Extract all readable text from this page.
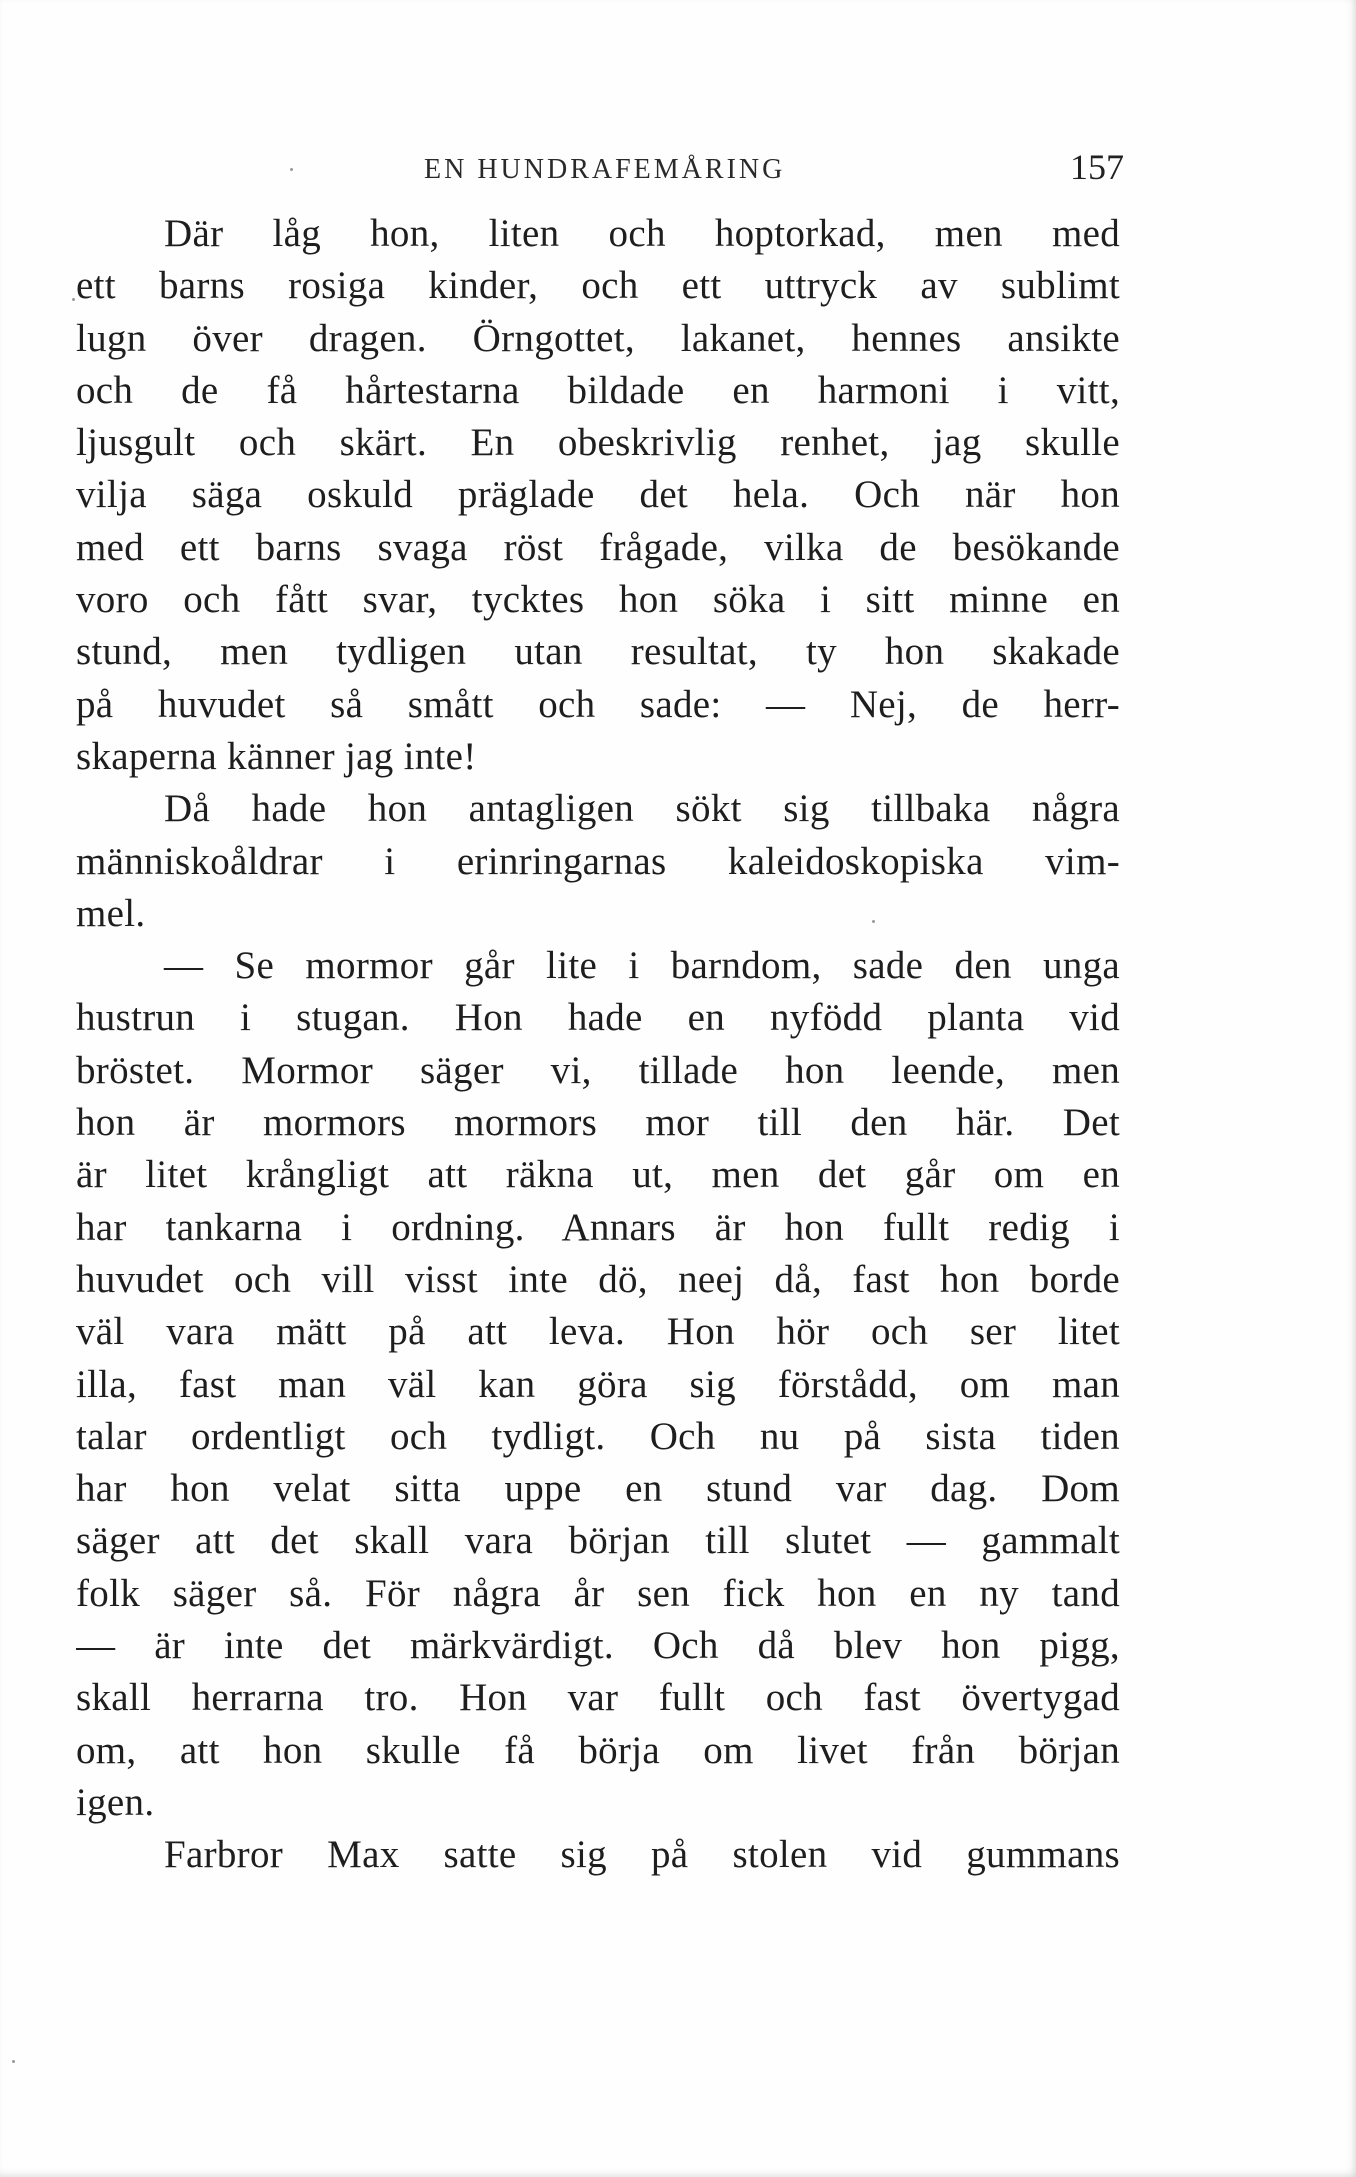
EN HUNDRAFEMÅRING	157
Där låg hon, liten och hoptorkad, men med
ett barns rosiga kinder, och ett uttryck av sublimt
lugn över dragen. Örngottet, lakanet, hennes ansikte
och de få hårtestarna bildade en harmoni i vitt,
ljusgult och skärt. En obeskrivlig renhet, jag skulle
vilja säga oskuld präglade det hela. Och när hon
med ett barns svaga röst frågade, vilka de besökande
voro och fått svar, tycktes hon söka i sitt minne en
stund, men tydligen utan resultat, ty hon skakade
på huvudet så smått och sade: — Nej, de herr-
skaperna känner jag inte!
Då hade hon antagligen sökt sig tillbaka några
människoåldrar i erinringarnas kaleidoskopiska vim-
mel.
— Se mormor går lite i barndom, sade den unga
hustrun i stugan. Hon hade en nyfödd planta vid
bröstet. Mormor säger vi, tillade hon leende, men
hon är mormors mormors mor till den här. Det
är litet krångligt att räkna ut, men det går om en
har tankarna i ordning. Annars är hon fullt redig i
huvudet och vill visst inte dö, neej då, fast hon borde
väl vara mätt på att leva. Hon hör och ser litet
illa, fast man väl kan göra sig förstådd, om man
talar ordentligt och tydligt. Och nu på sista tiden
har hon velat sitta uppe en stund var dag. Dom
säger att det skall vara början till slutet — gammalt
folk säger så. För några år sen fick hon en ny tand
— är inte det märkvärdigt. Och då blev hon pigg,
skall herrarna tro. Hon var fullt och fast övertygad
om, att hon skulle få börja om livet från början
igen.
Farbror Max satte sig på stolen vid gummans
